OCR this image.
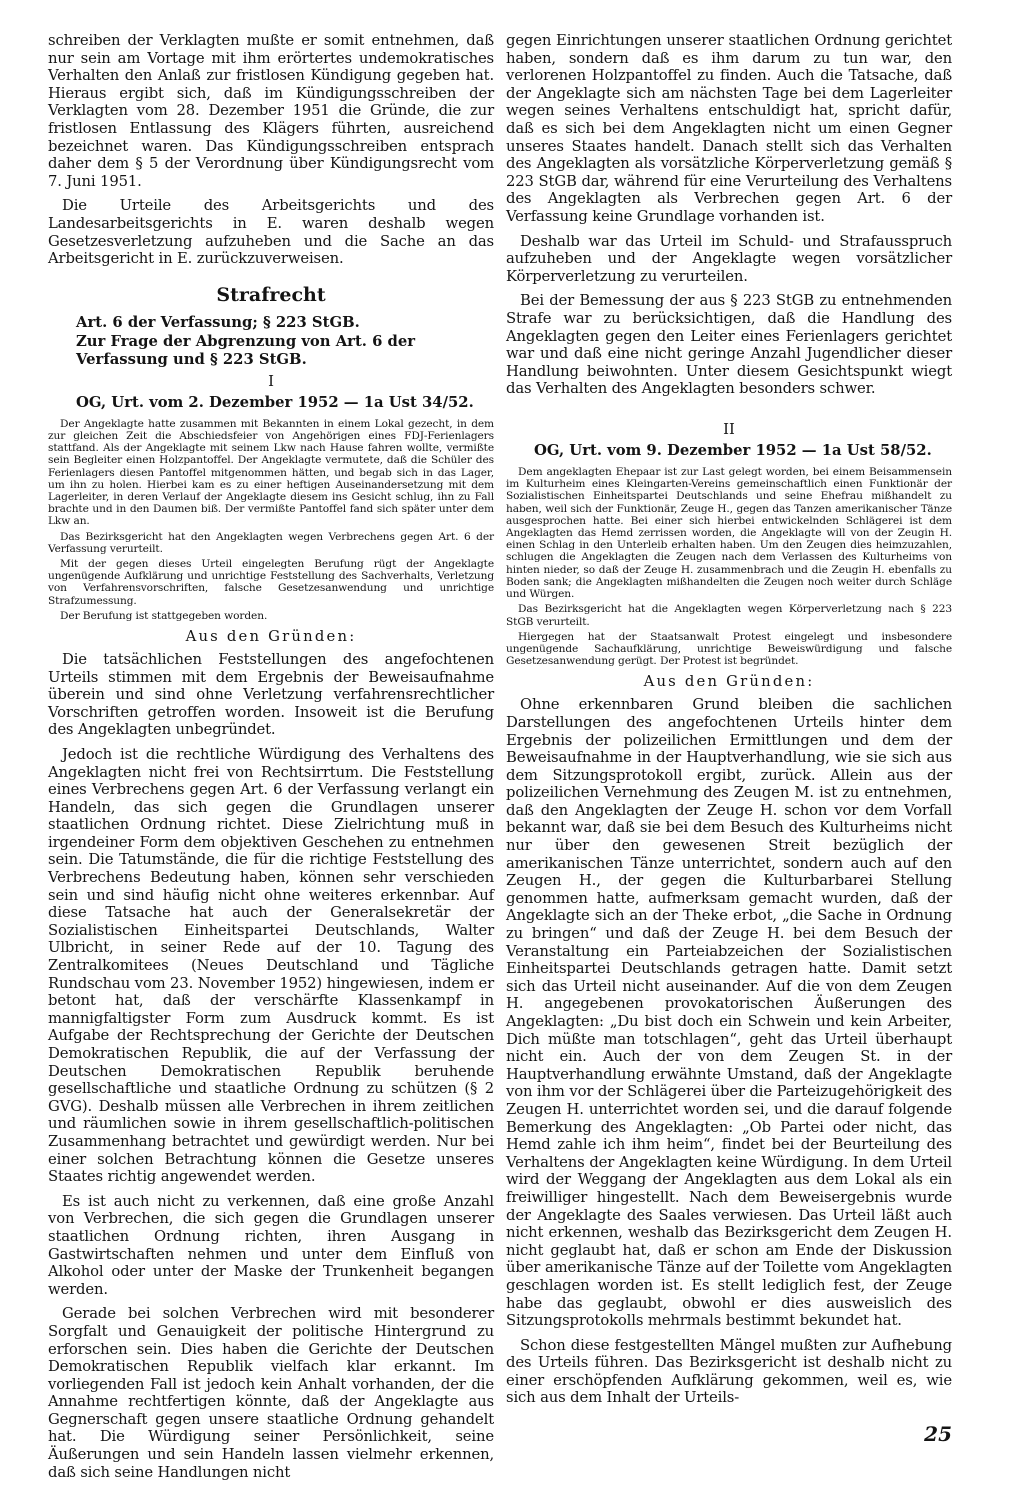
schreiben der Verklagten mußte er somit entnehmen, daß nur sein am Vortage mit ihm erörtertes undemokratisches Verhalten den Anlaß zur fristlosen Kündigung gegeben hat. Hieraus ergibt sich, daß im Kündigungsschreiben der Verklagten vom 28. Dezember 1951 die Gründe, die zur fristlosen Entlassung des Klägers führten, ausreichend bezeichnet waren. Das Kündigungsschreiben entsprach daher dem § 5 der Verordnung über Kündigungsrecht vom 7. Juni 1951.

Die Urteile des Arbeitsgerichts und des Landesarbeitsgerichts in E. waren deshalb wegen Gesetzesverletzung aufzuheben und die Sache an das Arbeitsgericht in E. zurückzuverweisen.

Strafrecht

Art. 6 der Verfassung; § 223 StGB.

Zur Frage der Abgrenzung von Art. 6 der Verfassung und § 223 StGB.

I

OG, Urt. vom 2. Dezember 1952 — 1a Ust 34/52.

Der Angeklagte hatte zusammen mit Bekannten in einem Lokal gezecht, in dem zur gleichen Zeit die Abschiedsfeier von Angehörigen eines FDJ-Ferienlagers stattfand. Als der Angeklagte mit seinem Lkw nach Hause fahren wollte, vermißte sein Begleiter einen Holzpantoffel. Der Angeklagte vermutete, daß die Schüler des Ferienlagers diesen Pantoffel mitgenommen hätten, und begab sich in das Lager, um ihn zu holen. Hierbei kam es zu einer heftigen Auseinandersetzung mit dem Lagerleiter, in deren Verlauf der Angeklagte diesem ins Gesicht schlug, ihn zu Fall brachte und in den Daumen biß. Der vermißte Pantoffel fand sich später unter dem Lkw an.

Das Bezirksgericht hat den Angeklagten wegen Verbrechens gegen Art. 6 der Verfassung verurteilt.

Mit der gegen dieses Urteil eingelegten Berufung rügt der Angeklagte ungenügende Aufklärung und unrichtige Feststellung des Sachverhalts, Verletzung von Verfahrensvorschriften, falsche Gesetzesanwendung und unrichtige Strafzumessung.

Der Berufung ist stattgegeben worden.

Aus den Gründen:

Die tatsächlichen Feststellungen des angefochtenen Urteils stimmen mit dem Ergebnis der Beweisaufnahme überein und sind ohne Verletzung verfahrensrechtlicher Vorschriften getroffen worden. Insoweit ist die Berufung des Angeklagten unbegründet.

Jedoch ist die rechtliche Würdigung des Verhaltens des Angeklagten nicht frei von Rechtsirrtum. Die Feststellung eines Verbrechens gegen Art. 6 der Verfassung verlangt ein Handeln, das sich gegen die Grundlagen unserer staatlichen Ordnung richtet. Diese Zielrichtung muß in irgendeiner Form dem objektiven Geschehen zu entnehmen sein. Die Tatumstände, die für die richtige Feststellung des Verbrechens Bedeutung haben, können sehr verschieden sein und sind häufig nicht ohne weiteres erkennbar. Auf diese Tatsache hat auch der Generalsekretär der Sozialistischen Einheitspartei Deutschlands, Walter Ulbricht, in seiner Rede auf der 10. Tagung des Zentralkomitees (Neues Deutschland und Tägliche Rundschau vom 23. November 1952) hingewiesen, indem er betont hat, daß der verschärfte Klassenkampf in mannigfaltigster Form zum Ausdruck kommt. Es ist Aufgabe der Rechtsprechung der Gerichte der Deutschen Demokratischen Republik, die auf der Verfassung der Deutschen Demokratischen Republik beruhende gesellschaftliche und staatliche Ordnung zu schützen (§ 2 GVG). Deshalb müssen alle Verbrechen in ihrem zeitlichen und räumlichen sowie in ihrem gesellschaftlich-politischen Zusammenhang betrachtet und gewürdigt werden. Nur bei einer solchen Betrachtung können die Gesetze unseres Staates richtig angewendet werden.

Es ist auch nicht zu verkennen, daß eine große Anzahl von Verbrechen, die sich gegen die Grundlagen unserer staatlichen Ordnung richten, ihren Ausgang in Gastwirtschaften nehmen und unter dem Einfluß von Alkohol oder unter der Maske der Trunkenheit begangen werden.

Gerade bei solchen Verbrechen wird mit besonderer Sorgfalt und Genauigkeit der politische Hintergrund zu erforschen sein. Dies haben die Gerichte der Deutschen Demokratischen Republik vielfach klar erkannt. Im vorliegenden Fall ist jedoch kein Anhalt vorhanden, der die Annahme rechtfertigen könnte, daß der Angeklagte aus Gegnerschaft gegen unsere staatliche Ordnung gehandelt hat. Die Würdigung seiner Persönlichkeit, seine Äußerungen und sein Handeln lassen vielmehr erkennen, daß sich seine Handlungen nicht

gegen Einrichtungen unserer staatlichen Ordnung gerichtet haben, sondern daß es ihm darum zu tun war, den verlorenen Holzpantoffel zu finden. Auch die Tatsache, daß der Angeklagte sich am nächsten Tage bei dem Lagerleiter wegen seines Verhaltens entschuldigt hat, spricht dafür, daß es sich bei dem Angeklagten nicht um einen Gegner unseres Staates handelt. Danach stellt sich das Verhalten des Angeklagten als vorsätzliche Körperverletzung gemäß § 223 StGB dar, während für eine Verurteilung des Verhaltens des Angeklagten als Verbrechen gegen Art. 6 der Verfassung keine Grundlage vorhanden ist.

Deshalb war das Urteil im Schuld- und Strafausspruch aufzuheben und der Angeklagte wegen vorsätzlicher Körperverletzung zu verurteilen.

Bei der Bemessung der aus § 223 StGB zu entnehmenden Strafe war zu berücksichtigen, daß die Handlung des Angeklagten gegen den Leiter eines Ferienlagers gerichtet war und daß eine nicht geringe Anzahl Jugendlicher dieser Handlung beiwohnten. Unter diesem Gesichtspunkt wiegt das Verhalten des Angeklagten besonders schwer.

II

OG, Urt. vom 9. Dezember 1952 — 1a Ust 58/52.

Dem angeklagten Ehepaar ist zur Last gelegt worden, bei einem Beisammensein im Kulturheim eines Kleingarten-Vereins gemeinschaftlich einen Funktionär der Sozialistischen Einheitspartei Deutschlands und seine Ehefrau mißhandelt zu haben, weil sich der Funktionär, Zeuge H., gegen das Tanzen amerikanischer Tänze ausgesprochen hatte. Bei einer sich hierbei entwickelnden Schlägerei ist dem Angeklagten das Hemd zerrissen worden, die Angeklagte will von der Zeugin H. einen Schlag in den Unterleib erhalten haben. Um den Zeugen dies heimzuzahlen, schlugen die Angeklagten die Zeugen nach dem Verlassen des Kulturheims von hinten nieder, so daß der Zeuge H. zusammenbrach und die Zeugin H. ebenfalls zu Boden sank; die Angeklagten mißhandelten die Zeugen noch weiter durch Schläge und Würgen.

Das Bezirksgericht hat die Angeklagten wegen Körperverletzung nach § 223 StGB verurteilt.

Hiergegen hat der Staatsanwalt Protest eingelegt und insbesondere ungenügende Sachaufklärung, unrichtige Beweiswürdigung und falsche Gesetzesanwendung gerügt. Der Protest ist begründet.

Aus den Gründen:

Ohne erkennbaren Grund bleiben die sachlichen Darstellungen des angefochtenen Urteils hinter dem Ergebnis der polizeilichen Ermittlungen und dem der Beweisaufnahme in der Hauptverhandlung, wie sie sich aus dem Sitzungsprotokoll ergibt, zurück. Allein aus der polizeilichen Vernehmung des Zeugen M. ist zu entnehmen, daß den Angeklagten der Zeuge H. schon vor dem Vorfall bekannt war, daß sie bei dem Besuch des Kulturheims nicht nur über den gewesenen Streit bezüglich der amerikanischen Tänze unterrichtet, sondern auch auf den Zeugen H., der gegen die Kulturbarbarei Stellung genommen hatte, aufmerksam gemacht wurden, daß der Angeklagte sich an der Theke erbot, „die Sache in Ordnung zu bringen“ und daß der Zeuge H. bei dem Besuch der Veranstaltung ein Parteiabzeichen der Sozialistischen Einheitspartei Deutschlands getragen hatte. Damit setzt sich das Urteil nicht auseinander. Auf die von dem Zeugen H. angegebenen provokatorischen Äußerungen des Angeklagten: „Du bist doch ein Schwein und kein Arbeiter, Dich müßte man totschlagen“, geht das Urteil überhaupt nicht ein. Auch der von dem Zeugen St. in der Hauptverhandlung erwähnte Umstand, daß der Angeklagte von ihm vor der Schlägerei über die Parteizugehörigkeit des Zeugen H. unterrichtet worden sei, und die darauf folgende Bemerkung des Angeklagten: „Ob Partei oder nicht, das Hemd zahle ich ihm heim“, findet bei der Beurteilung des Verhaltens der Angeklagten keine Würdigung. In dem Urteil wird der Weggang der Angeklagten aus dem Lokal als ein freiwilliger hingestellt. Nach dem Beweisergebnis wurde der Angeklagte des Saales verwiesen. Das Urteil läßt auch nicht erkennen, weshalb das Bezirksgericht dem Zeugen H. nicht geglaubt hat, daß er schon am Ende der Diskussion über amerikanische Tänze auf der Toilette vom Angeklagten geschlagen worden ist. Es stellt lediglich fest, der Zeuge habe das geglaubt, obwohl er dies ausweislich des Sitzungsprotokolls mehrmals bestimmt bekundet hat.

Schon diese festgestellten Mängel mußten zur Aufhebung des Urteils führen. Das Bezirksgericht ist deshalb nicht zu einer erschöpfenden Aufklärung gekommen, weil es, wie sich aus dem Inhalt der Urteils-

25
